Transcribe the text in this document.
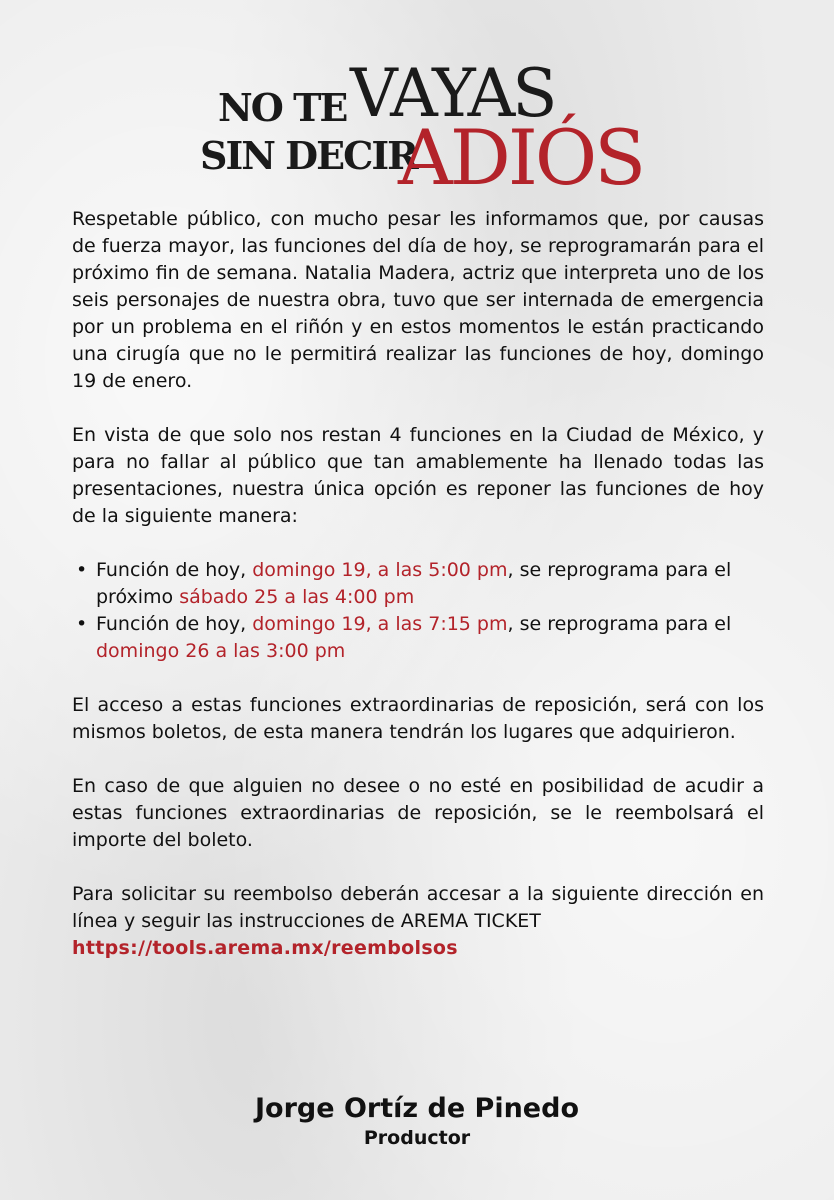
NO TE VAYAS
SIN DECIR
ADIÓS

Respetable público, con mucho pesar les informamos que, por causas de fuerza mayor, las funciones del día de hoy, se reprogramarán para el próximo fin de semana. Natalia Madera, actriz que interpreta uno de los seis personajes de nuestra obra, tuvo que ser internada de emergencia por un problema en el riñón y en estos momentos le están practicando una cirugía que no le permitirá realizar las funciones de hoy, domingo 19 de enero.

En vista de que solo nos restan 4 funciones en la Ciudad de México, y para no fallar al público que tan amablemente ha llenado todas las presentaciones, nuestra única opción es reponer las funciones de hoy de la siguiente manera:

• Función de hoy, domingo 19, a las 5:00 pm, se reprograma para el próximo sábado 25 a las 4:00 pm
• Función de hoy, domingo 19, a las 7:15 pm, se reprograma para el domingo 26 a las 3:00 pm

El acceso a estas funciones extraordinarias de reposición, será con los mismos boletos, de esta manera tendrán los lugares que adquirieron.

En caso de que alguien no desee o no esté en posibilidad de acudir a estas funciones extraordinarias de reposición, se le reembolsará el importe del boleto.

Para solicitar su reembolso deberán accesar a la siguiente dirección en línea y seguir las instrucciones de AREMA TICKET
https://tools.arema.mx/reembolsos

Jorge Ortíz de Pinedo
Productor
